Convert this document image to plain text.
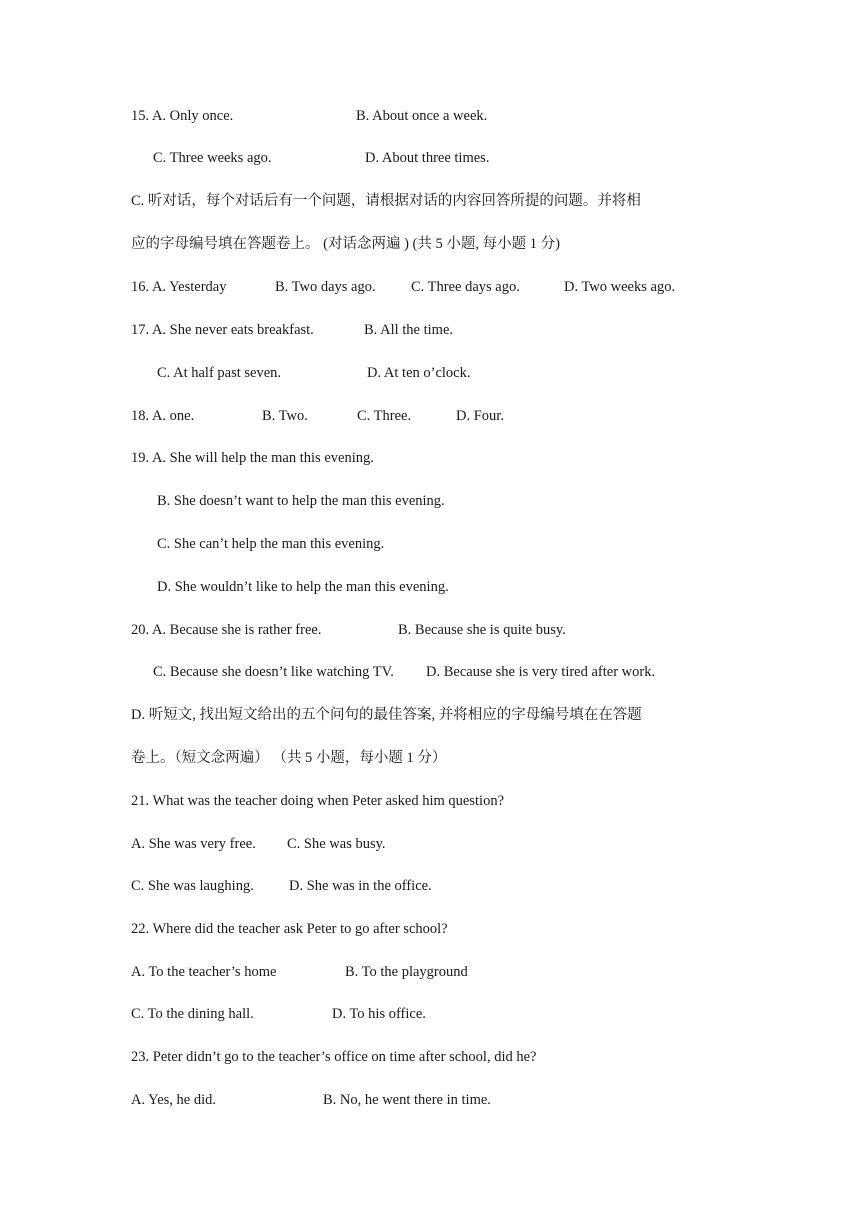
15. A. Only once.	B. About once a week.
C. Three weeks ago.	D. About three times.
C. 听对话，每个对话后有一个问题，请根据对话的内容回答所提的问题。并将相
应的字母编号填在答题卷上。 (对话念两遍 ) (共 5 小题, 每小题 1 分)
16. A. Yesterday	B. Two days ago. C. Three days ago.	D. Two weeks ago.
17. A. She never eats breakfast.	B. All the time.
C. At half past seven.	D. At ten o’clock.
18. A. one.	B. Two.	C. Three.	D. Four.
19. A. She will help the man this evening.
B. She doesn’t want to help the man this evening.
C. She can’t help the man this evening.
D. She wouldn’t like to help the man this evening.
20. A. Because she is rather free.	B. Because she is quite busy.
C. Because she doesn’t like watching TV. D. Because she is very tired after work.
D. 听短文, 找出短文给出的五个问句的最佳答案, 并将相应的字母编号填在在答题
卷上。（短文念两遍） （共 5 小题，每小题 1 分）
21. What was the teacher doing when Peter asked him question?
A. She was very free. C. She was busy.
C. She was laughing. D. She was in the office.
22. Where did the teacher ask Peter to go after school?
A. To the teacher’s home	B. To the playground
C. To the dining hall.	D. To his office.
23. Peter didn’t go to the teacher’s office on time after school, did he?
A. Yes, he did.	B. No, he went there in time.
